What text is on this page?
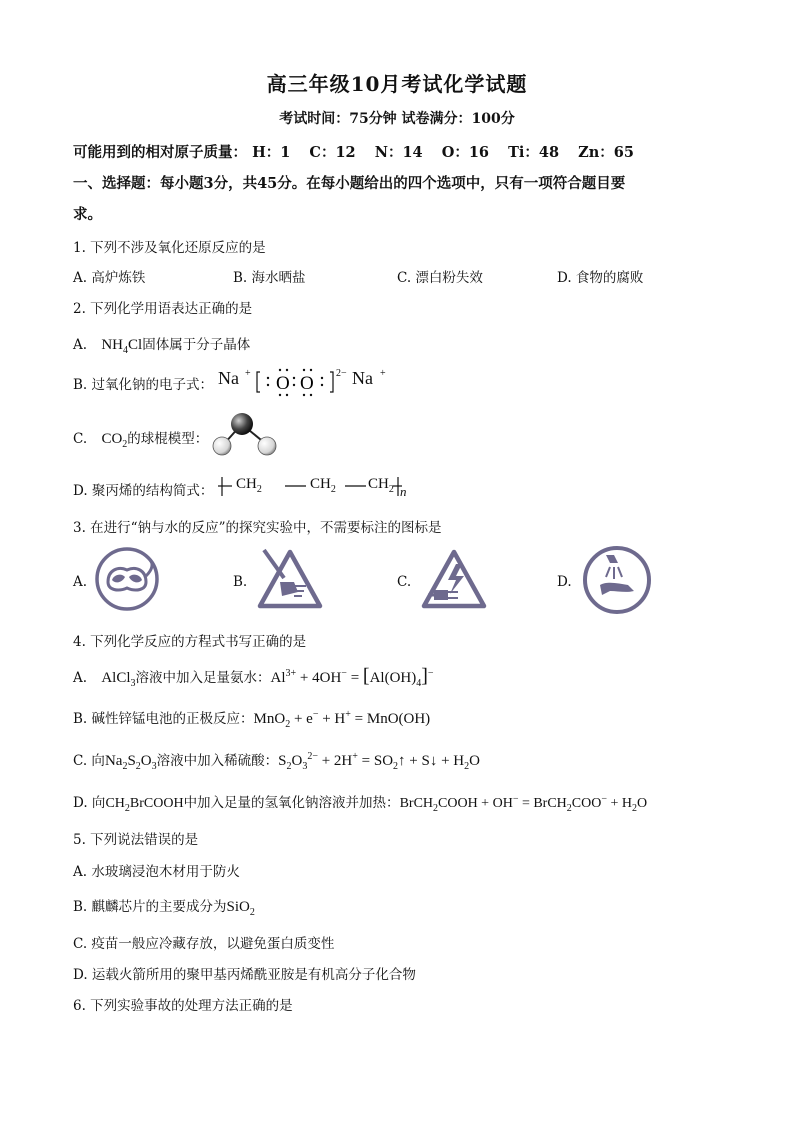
高三年级10月考试化学试题
考试时间：75分钟 试卷满分：100分
可能用到的相对原子质量： H：1 C：12 N：14 O：16 Ti：48 Zn：65
一、选择题：每小题3分，共45分。在每小题给出的四个选项中，只有一项符合题目要
求。
1. 下列不涉及氧化还原反应的是
A. 高炉炼铁	B. 海水晒盐	C. 漂白粉失效	D. 食物的腐败
2. 下列化学用语表达正确的是
A. $NH_4Cl$固体属于分子晶体
B. 过氧化钠的电子式： Na + O O 2− Na +
C. $CO_2$的球棍模型：
D. 聚丙烯的结构简式： $CH_2$	$CH_2$ $CH_2$ n
3. 在进行“钠与水的反应”的探究实验中，不需要标注的图标是
A.	B.	C.	D.
4. 下列化学反应的方程式书写正确的是
A. AlCl$_3$溶液中加入足量氨水：$Al^{3+} + 4OH^- = [Al(OH)_4]^-$
B. 碱性锌锰电池的正极反应：MnO$_2$ + e− + H+ = MnO(OH)
C. 向$Na_2S_2O_3$溶液中加入稀硫酸：$S_2O_3^{2-} + 2H^+$ = $SO_2↑$ + S↓ + $H_2O$
D. 向$CH_2BrCOOH$中加入足量的氢氧化钠溶液并加热：BrCH$_2$COOH + OH− = BrCH$_2$COO− + $H_2O$
5. 下列说法错误的是
A. 水玻璃浸泡木材用于防火
B. 麒麟芯片的主要成分为SiO$_2$
C. 疫苗一般应冷藏存放，以避免蛋白质变性
D. 运载火箭所用的聚甲基丙烯酰亚胺是有机高分子化合物
6. 下列实验事故的处理方法正确的是
